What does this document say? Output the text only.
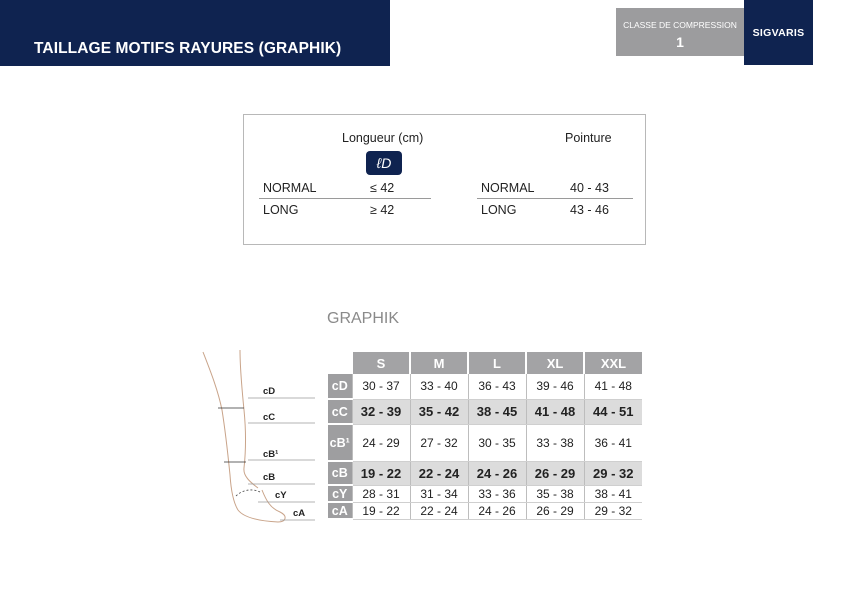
TAILLAGE MOTIFS RAYURES (GRAPHIK)
CLASSE DE COMPRESSION
1
SIGVARIS
Longueur (cm)
ℓD
Pointure
NORMAL	≤ 42
LONG	≥ 42
NORMAL	40 - 43
LONG	43 - 46
GRAPHIK
cD
cC
cB¹
cB
cY
cA
	S	M	L	XL	XXL
cD	30 - 37	33 - 40	36 - 43	39 - 46	41 - 48
cC	32 - 39	35 - 42	38 - 45	41 - 48	44 - 51
cB¹	24 - 29	27 - 32	30 - 35	33 - 38	36 - 41
cB	19 - 22	22 - 24	24 - 26	26 - 29	29 - 32
cY	28 - 31	31 - 34	33 - 36	35 - 38	38 - 41
cA	19 - 22	22 - 24	24 - 26	26 - 29	29 - 32
